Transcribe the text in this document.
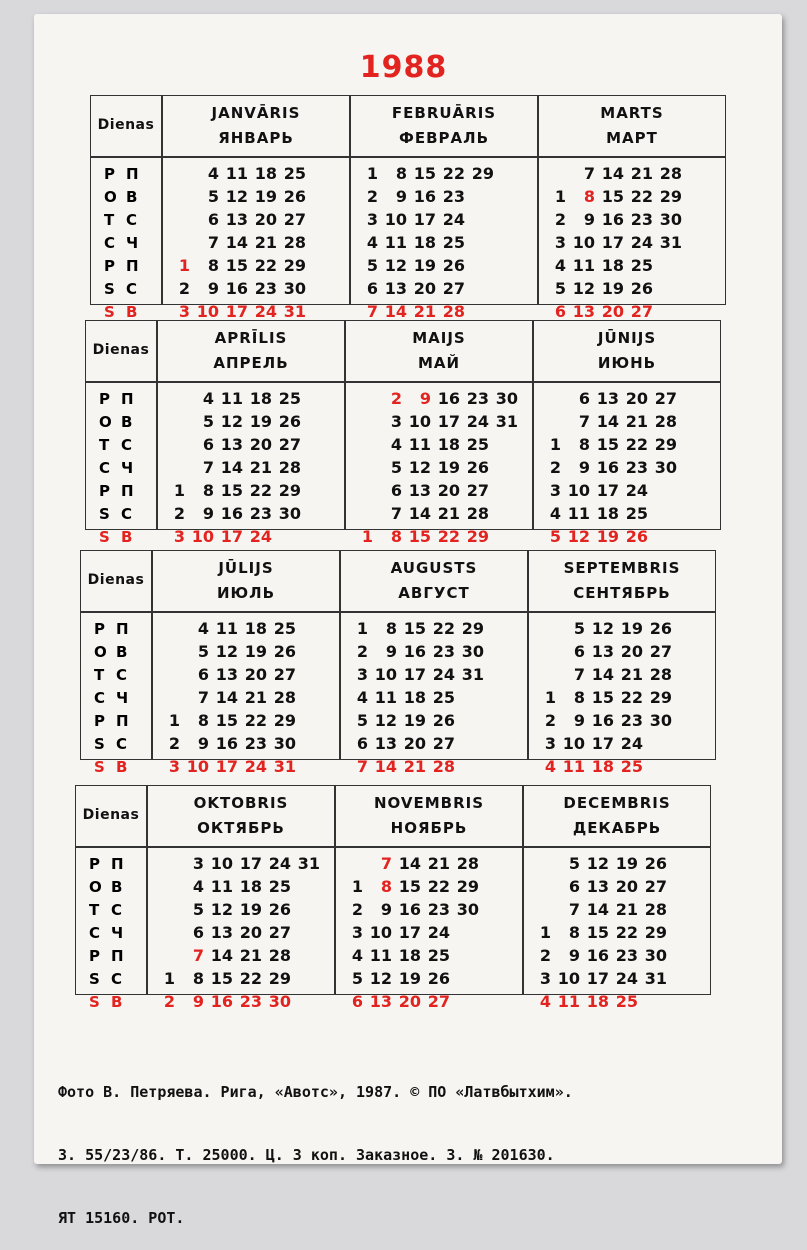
1988
Dienas
P П
O В
T С
C Ч
P П
S С
S В
JANVĀRIS
ЯНВАРЬ
1
2
3
4
5
6
7
8
9
10
11
12
13
14
15
16
17
18
19
20
21
22
23
24
25
26
27
28
29
30
31
FEBRUĀRIS
ФЕВРАЛЬ
1
2
3
4
5
6
7
8
9
10
11
12
13
14
15
16
17
18
19
20
21
22
23
24
25
26
27
28
29
MARTS
МАРТ
1
2
3
4
5
6
7
8
9
10
11
12
13
14
15
16
17
18
19
20
21
22
23
24
25
26
27
28
29
30
31
Dienas
P П
O В
T С
C Ч
P П
S С
S В
APRĪLIS
АПРЕЛЬ
1
2
3
4
5
6
7
8
9
10
11
12
13
14
15
16
17
18
19
20
21
22
23
24
25
26
27
28
29
30
MAIJS
МАЙ
1
2
3
4
5
6
7
8
9
10
11
12
13
14
15
16
17
18
19
20
21
22
23
24
25
26
27
28
29
30
31
JŪNIJS
ИЮНЬ
1
2
3
4
5
6
7
8
9
10
11
12
13
14
15
16
17
18
19
20
21
22
23
24
25
26
27
28
29
30
Dienas
P П
O В
T С
C Ч
P П
S С
S В
JŪLIJS
ИЮЛЬ
1
2
3
4
5
6
7
8
9
10
11
12
13
14
15
16
17
18
19
20
21
22
23
24
25
26
27
28
29
30
31
AUGUSTS
АВГУСТ
1
2
3
4
5
6
7
8
9
10
11
12
13
14
15
16
17
18
19
20
21
22
23
24
25
26
27
28
29
30
31
SEPTEMBRIS
СЕНТЯБРЬ
1
2
3
4
5
6
7
8
9
10
11
12
13
14
15
16
17
18
19
20
21
22
23
24
25
26
27
28
29
30
Dienas
P П
O В
T С
C Ч
P П
S С
S В
OKTOBRIS
ОКТЯБРЬ
1
2
3
4
5
6
7
8
9
10
11
12
13
14
15
16
17
18
19
20
21
22
23
24
25
26
27
28
29
30
31
NOVEMBRIS
НОЯБРЬ
1
2
3
4
5
6
7
8
9
10
11
12
13
14
15
16
17
18
19
20
21
22
23
24
25
26
27
28
29
30
DECEMBRIS
ДЕКАБРЬ
1
2
3
4
5
6
7
8
9
10
11
12
13
14
15
16
17
18
19
20
21
22
23
24
25
26
27
28
29
30
31

Фото В. Петряева. Рига, «Авотс», 1987. © ПО «Латвбытхим».

З. 55/23/86. Т. 25000. Ц. 3 коп. Заказное. З. № 201630.

ЯТ 15160. РОТ.
